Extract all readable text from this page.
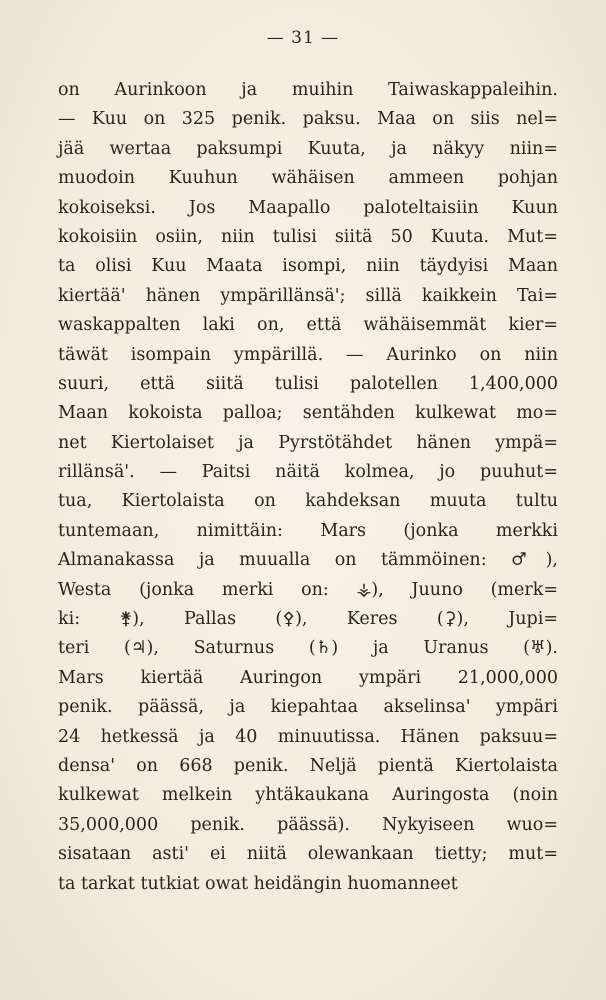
— 31 —
on Aurinkoon ja muihin Taiwaskappaleihin.
— Kuu on 325 penik. paksu. Maa on siis nel=
jää wertaa paksumpi Kuuta, ja näkyy niin=
muodoin Kuuhun wähäisen ammeen pohjan
kokoiseksi. Jos Maapallo paloteltaisiin Kuun
kokoisiin osiin, niin tulisi siitä 50 Kuuta. Mut=
ta olisi Kuu Maata isompi, niin täydyisi Maan
kiertää' hänen ympärillänsä'; sillä kaikkein Tai=
waskappalten laki on, että wähäisemmät kier=
täwät isompain ympärillä. — Aurinko on niin
suuri, että siitä tulisi palotellen 1,400,000
Maan kokoista palloa; sentähden kulkewat mo=
net Kiertolaiset ja Pyrstötähdet hänen ympä=
rillänsä'. — Paitsi näitä kolmea, jo puuhut=
tua, Kiertolaista on kahdeksan muuta tultu
tuntemaan, nimittäin: Mars (jonka merkki
Almanakassa ja muualla on tämmöinen: ♂),
Westa (jonka merki on: ⚶), Juuno (merk=
ki: ⚵), Pallas (⚴), Keres (⚳), Jupi=
teri (♃), Saturnus (♄) ja Uranus (♅).
Mars kiertää Auringon ympäri 21,000,000
penik. päässä, ja kiepahtaa akselinsa' ympäri
24 hetkessä ja 40 minuutissa. Hänen paksuu=
densa' on 668 penik. Neljä pientä Kiertolaista
kulkewat melkein yhtäkaukana Auringosta (noin
35,000,000 penik. päässä). Nykyiseen wuo=
sisataan asti' ei niitä olewankaan tietty; mut=
ta tarkat tutkiat owat heidängin huomanneet
